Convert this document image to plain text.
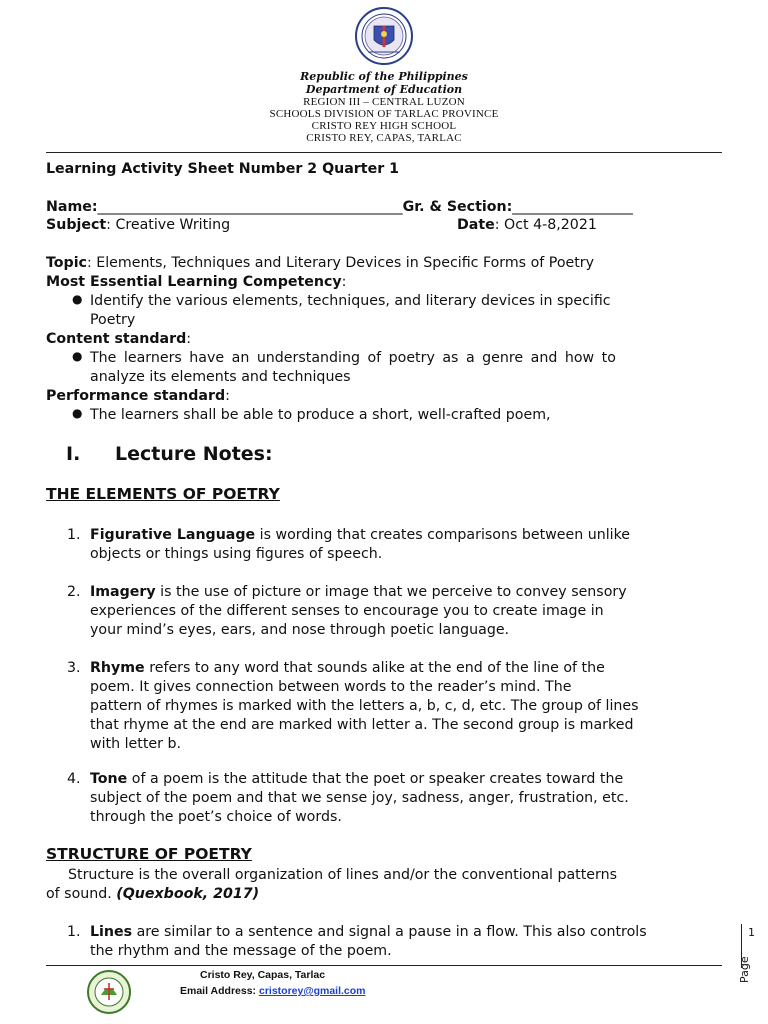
Republic of the Philippines
Department of Education
REGION III – CENTRAL LUZON
SCHOOLS DIVISION OF TARLAC PROVINCE
CRISTO REY HIGH SCHOOL
CRISTO REY, CAPAS, TARLAC
Learning Activity Sheet Number 2 Quarter 1
Name:___________________________________________Gr. & Section:_________________
Subject: Creative Writing	Date: Oct 4-8,2021
Topic: Elements, Techniques and Literary Devices in Specific Forms of Poetry
Most Essential Learning Competency:
● Identify the various elements, techniques, and literary devices in specific
Poetry
Content standard:
● The learners have an understanding of poetry as a genre and how to
analyze its elements and techniques
Performance standard:
● The learners shall be able to produce a short, well-crafted poem,
I. Lecture Notes:
THE ELEMENTS OF POETRY
1. Figurative Language is wording that creates comparisons between unlike
objects or things using figures of speech.
2. Imagery is the use of picture or image that we perceive to convey sensory
experiences of the different senses to encourage you to create image in
your mind’s eyes, ears, and nose through poetic language.
3. Rhyme refers to any word that sounds alike at the end of the line of the
poem. It gives connection between words to the reader’s mind. The
pattern of rhymes is marked with the letters a, b, c, d, etc. The group of lines
that rhyme at the end are marked with letter a. The second group is marked
with letter b.
4. Tone of a poem is the attitude that the poet or speaker creates toward the
subject of the poem and that we sense joy, sadness, anger, frustration, etc.
through the poet’s choice of words.
STRUCTURE OF POETRY
Structure is the overall organization of lines and/or the conventional patterns
of sound. (Quexbook, 2017)
1. Lines are similar to a sentence and signal a pause in a flow. This also controls
the rhythm and the message of the poem.
Page
1
Cristo Rey, Capas, Tarlac
Email Address: cristorey@gmail.com
